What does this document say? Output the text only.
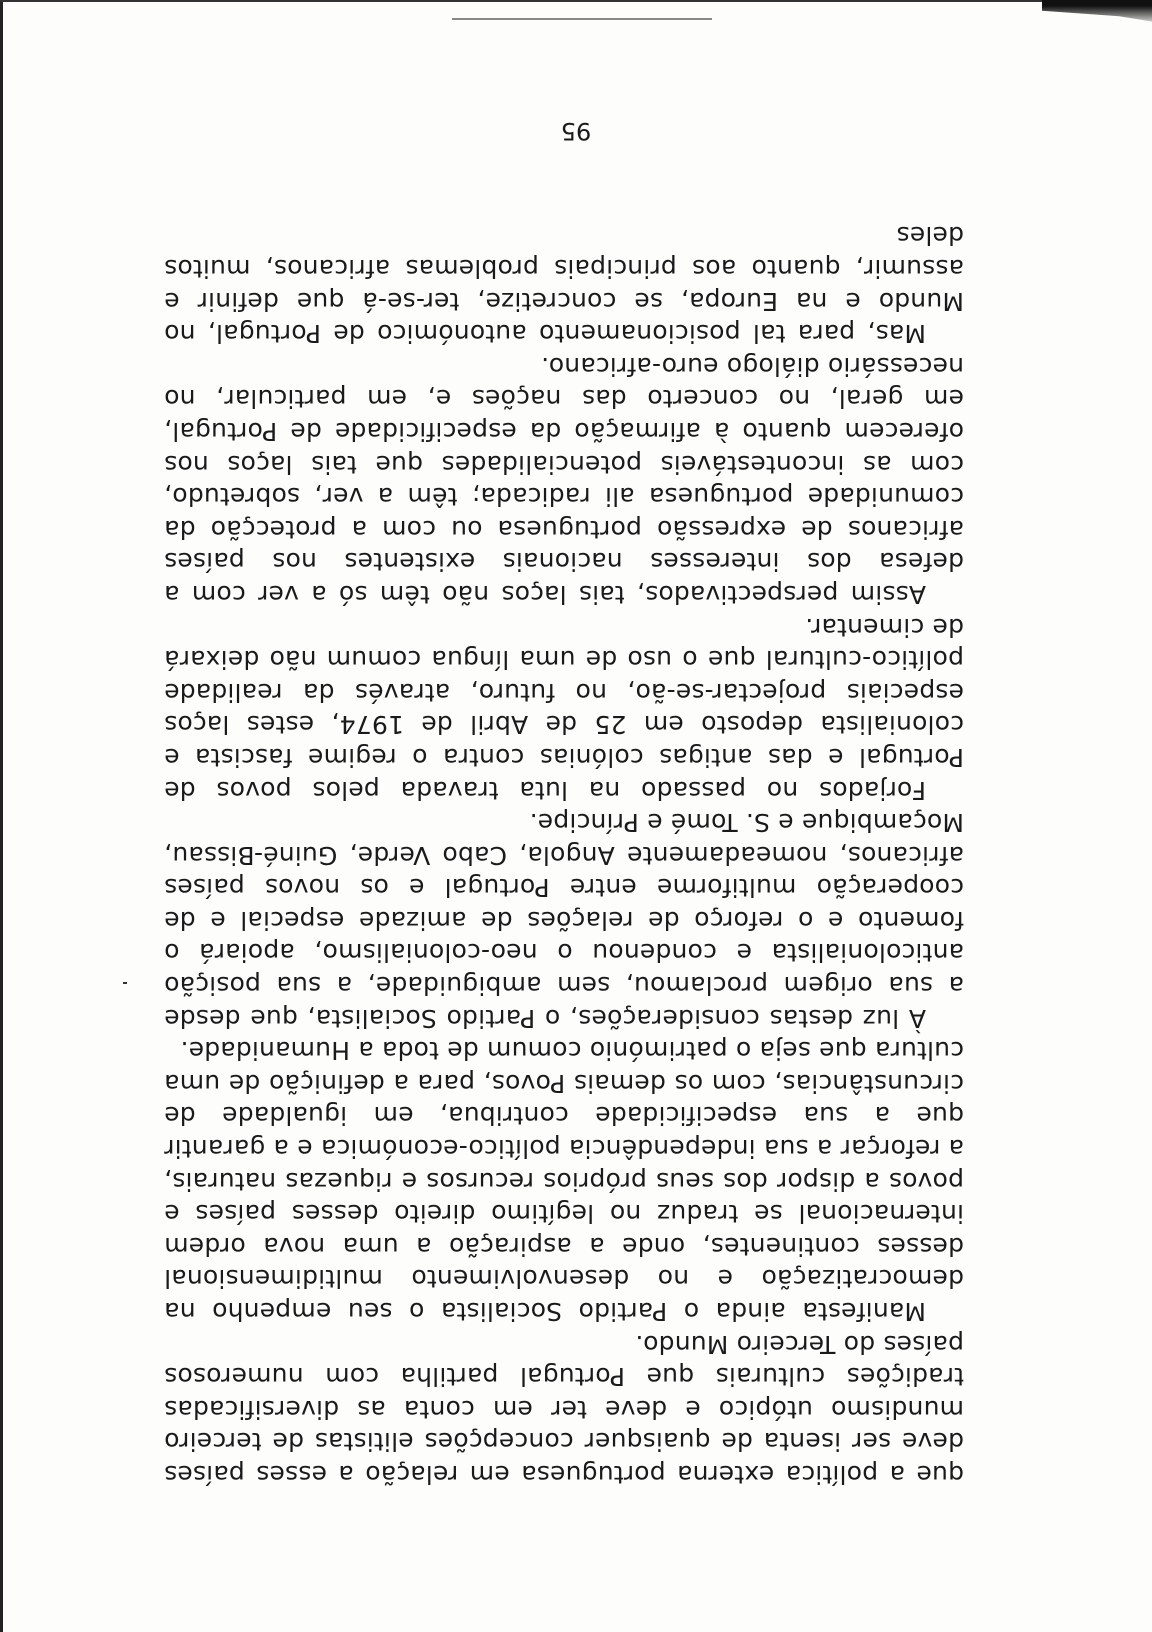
que a política externa portuguesa em relação a esses países deve ser isenta de quaisquer concepções elitistas de terceiro mundismo utópico e deve ter em conta as diversificadas tradições culturais que Portugal partilha com numerosos países do Terceiro Mundo.

Manifesta ainda o Partido Socialista o seu empenho na democratização e no desenvolvimento multidimensional desses continentes, onde a aspiração a uma nova ordem internacional se traduz no legítimo direito desses países e povos a dispor dos seus próprios recursos e riquezas naturais, a reforçar a sua independência político-económica e a garantir que a sua especificidade contribua, em igualdade de circunstâncias, com os demais Povos, para a definição de uma cultura que seja o património comum de toda a Humanidade.

À luz destas considerações, o Partido Socialista, que desde a sua origem proclamou, sem ambiguidade, a sua posição anticolonialista e condenou o neo-colonialismo, apoiará o fomento e o reforço de relações de amizade especial e de cooperação multiforme entre Portugal e os novos países africanos, nomeadamente Angola, Cabo Verde, Guiné-Bissau, Moçambique e S. Tomé e Príncipe.

Forjados no passado na luta travada pelos povos de Portugal e das antigas colónias contra o regime fascista e colonialista deposto em 25 de Abril de 1974, estes laços especiais projectar-se-ão, no futuro, através da realidade político-cultural que o uso de uma língua comum não deixará de cimentar.

Assim perspectivados, tais laços não têm só a ver com a defesa dos interesses nacionais existentes nos países africanos de expressão portuguesa ou com a protecção da comunidade portuguesa ali radicada; têm a ver, sobretudo, com as incontestáveis potencialidades que tais laços nos oferecem quanto à afirmação da especificidade de Portugal, em geral, no concerto das nações e, em particular, no necessário diálogo euro-africano.

Mas, para tal posicionamento autonómico de Portugal, no Mundo e na Europa, se concretize, ter-se-á que definir e assumir, quanto aos principais problemas africanos, muitos deles

95
